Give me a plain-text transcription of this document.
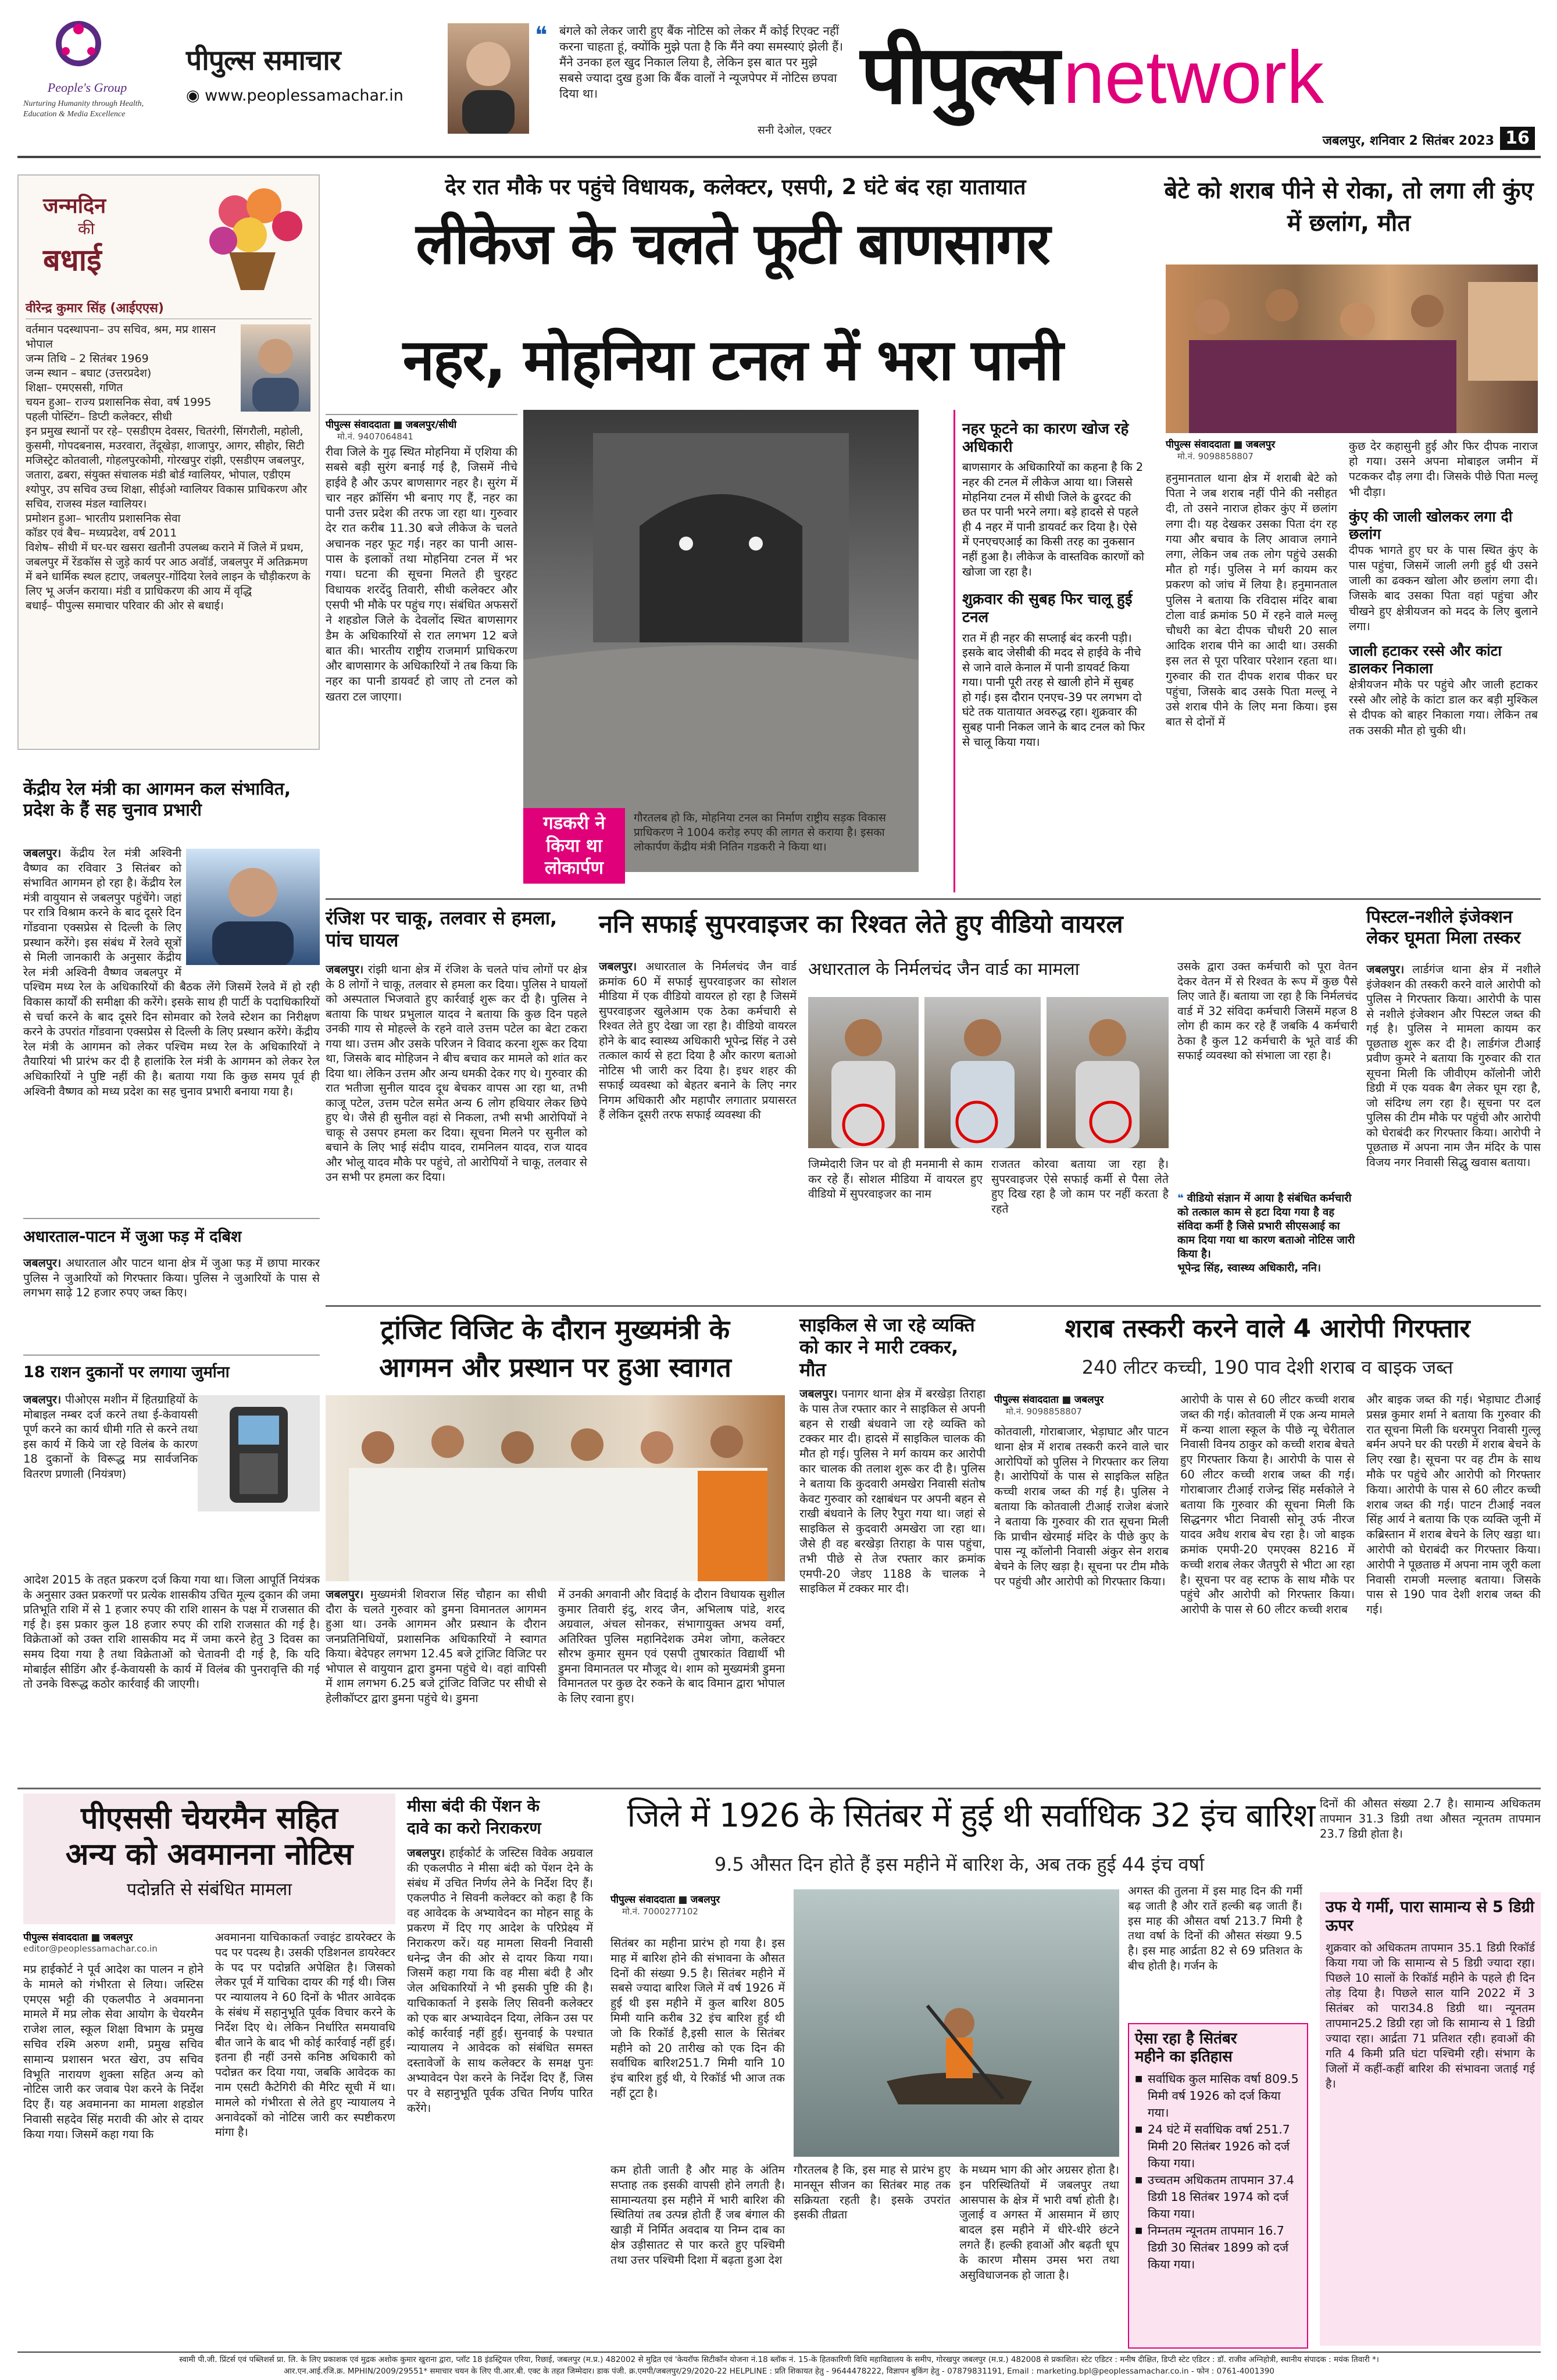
People's Group
Nurturing Humanity through Health, Education & Media Excellence
पीपुल्स समाचार
◉ www.peoplessamachar.in
❝ बंगले को लेकर जारी हुए बैंक नोटिस को लेकर मैं कोई रिएक्ट नहीं करना चाहता हूं, क्योंकि मुझे पता है कि मैंने क्या समस्याएं झेली हैं। मैंने उनका हल खुद निकाल लिया है, लेकिन इस बात पर मुझे सबसे ज्यादा दुख हुआ कि बैंक वालों ने न्यूजपेपर में नोटिस छपवा दिया था।
सनी देओल, एक्टर
पीपुल्सnetwork
जबलपुर, शनिवार 2 सितंबर 2023 16
जन्मदिन
की
बधाई
वीरेन्द्र कुमार सिंह (आईएएस)
वर्तमान पदस्थापना– उप सचिव, श्रम, मप्र शासन भोपाल
जन्म तिथि – 2 सितंबर 1969
जन्म स्थान – बघाट (उत्तरप्रदेश)
शिक्षा– एमएससी, गणित
चयन हुआ– राज्य प्रशासनिक सेवा, वर्ष 1995
पहली पोस्टिंग– डिप्टी कलेक्टर, सीधी
इन प्रमुख स्थानों पर रहे– एसडीएम देवसर, चितरंगी, सिंगरौली, महोली, कुसमी, गोपदबनास, मउरवारा, तेंदूखेड़ा, शाजापुर, आगर, सीहोर, सिटी मजिस्ट्रेट कोतवाली, गोहलपुरकोमी, गोरखपुर रांझी, एसडीएम जबलपुर, जतारा, ढबरा, संयुक्त संचालक मंडी बोर्ड ग्वालियर, भोपाल, एडीएम श्योपुर, उप सचिव उच्च शिक्षा, सीईओ ग्वालियर विकास प्राधिकरण और सचिव, राजस्व मंडल ग्वालियर।
प्रमोशन हुआ– भारतीय प्रशासनिक सेवा
कॉडर एवं बैच– मध्यप्रदेश, वर्ष 2011
विशेष– सीधी में घर-घर खसरा खतौनी उपलब्ध कराने में जिले में प्रथम, जबलपुर में रेंडकॉस से जुड़े कार्य पर आठ अवॉर्ड, जबलपुर में अतिक्रमण में बने धार्मिक स्थल हटाए, जबलपुर-गोंदिया रेलवे लाइन के चौड़ीकरण के लिए भू अर्जन कराया। मंडी व प्राधिकरण की आय में वृद्धि
बधाई– पीपुल्स समाचार परिवार की ओर से बधाई।
केंद्रीय रेल मंत्री का आगमन कल संभावित, प्रदेश के हैं सह चुनाव प्रभारी
जबलपुर। केंद्रीय रेल मंत्री अश्विनी वैष्णव का रविवार 3 सितंबर को संभावित आगमन हो रहा है। केंद्रीय रेल मंत्री वायुयान से जबलपुर पहुंचेंगे। जहां पर रात्रि विश्राम करने के बाद दूसरे दिन गोंडवाना एक्सप्रेस से दिल्ली के लिए प्रस्थान करेंगे। इस संबंध में रेलवे सूत्रों से मिली जानकारी के अनुसार केंद्रीय रेल मंत्री अश्विनी वैष्णव जबलपुर में पश्चिम मध्य रेल के अधिकारियों की बैठक लेंगे जिसमें रेलवे में हो रही विकास कार्यों की समीक्षा की करेंगे। इसके साथ ही पार्टी के पदाधिकारियों से चर्चा करने के बाद दूसरे दिन सोमवार को रेलवे स्टेशन का निरीक्षण करने के उपरांत गोंडवाना एक्सप्रेस से दिल्ली के लिए प्रस्थान करेंगे। केंद्रीय रेल मंत्री के आगमन को लेकर पश्चिम मध्य रेल के अधिकारियों ने तैयारियां भी प्रारंभ कर दी है हालांकि रेल मंत्री के आगमन को लेकर रेल अधिकारियों ने पुष्टि नहीं की है। बताया गया कि कुछ समय पूर्व ही अश्विनी वैष्णव को मध्य प्रदेश का सह चुनाव प्रभारी बनाया गया है।
अधारताल-पाटन में जुआ फड़ में दबिश
जबलपुर। अधारताल और पाटन थाना क्षेत्र में जुआ फड़ में छापा मारकर पुलिस ने जुआरियों को गिरफ्तार किया। पुलिस ने जुआरियों के पास से लगभग साढ़े 12 हजार रुपए जब्त किए।
18 राशन दुकानों पर लगाया जुर्माना
जबलपुर। पीओएस मशीन में हितग्राहियों के मोबाइल नम्बर दर्ज करने तथा ई-केवायसी पूर्ण करने का कार्य धीमी गति से करने तथा इस कार्य में किये जा रहे विलंब के कारण 18 दुकानों के विरूद्ध मप्र सार्वजनिक वितरण प्रणाली (नियंत्रण)
आदेश 2015 के तहत प्रकरण दर्ज किया गया था। जिला आपूर्ति नियंत्रक के अनुसार उक्त प्रकरणों पर प्रत्येक शासकीय उचित मूल्य दुकान की जमा प्रतिभूति राशि में से 1 हजार रुपए की राशि शासन के पक्ष में राजसात की गई है। इस प्रकार कुल 18 हजार रुपए की राशि राजसात की गई है। विक्रेताओं को उक्त राशि शासकीय मद में जमा करने हेतु 3 दिवस का समय दिया गया है तथा विक्रेताओं को चेतावनी दी गई है, कि यदि मोबाईल सीडिंग और ई-केवायसी के कार्य में विलंब की पुनरावृत्ति की गई तो उनके विरूद्ध कठोर कार्रवाई की जाएगी।
देर रात मौके पर पहुंचे विधायक, कलेक्टर, एसपी, 2 घंटे बंद रहा यातायात
लीकेज के चलते फूटी बाणसागर
नहर, मोहनिया टनल में भरा पानी
पीपुल्स संवाददाता ■ जबलपुर/सीधी
मो.नं. 9407064841
रीवा जिले के गुढ़ स्थित मोहनिया में एशिया की सबसे बड़ी सुरंग बनाई गई है, जिसमें नीचे हाईवे है और ऊपर बाणसागर नहर है। सुरंग में चार नहर क्रॉसिंग भी बनाए गए हैं, नहर का पानी उत्तर प्रदेश की तरफ जा रहा था। गुरुवार देर रात करीब 11.30 बजे लीकेज के चलते अचानक नहर फूट गई। नहर का पानी आस-पास के इलाकों तथा मोहनिया टनल में भर गया। घटना की सूचना मिलते ही चुरहट विधायक शरदेंदु तिवारी, सीधी कलेक्टर और एसपी भी मौके पर पहुंच गए। संबंधित अफसरों ने शहडोल जिले के देवलोंद स्थित बाणसागर डैम के अधिकारियों से रात लगभग 12 बजे बात की। भारतीय राष्ट्रीय राजमार्ग प्राधिकरण और बाणसागर के अधिकारियों ने तब किया कि नहर का पानी डायवर्ट हो जाए तो टनल को खतरा टल जाएगा।
गडकरी ने किया था लोकार्पण
गौरतलब हो कि, मोहनिया टनल का निर्माण राष्ट्रीय सड़क विकास प्राधिकरण ने 1004 करोड़ रुपए की लागत से कराया है। इसका लोकार्पण केंद्रीय मंत्री नितिन गडकरी ने किया था।
नहर फूटने का कारण खोज रहे अधिकारी
बाणसागर के अधिकारियों का कहना है कि 2 नहर की टनल में लीकेज आया था। जिससे मोहनिया टनल में सीधी जिले के ढुरदट की छत पर पानी भरने लगा। बड़े हादसे से पहले ही 4 नहर में पानी डायवर्ट कर दिया है। ऐसे में एनएचएआई का किसी तरह का नुकसान नहीं हुआ है। लीकेज के वास्तविक कारणों को खोजा जा रहा है।
शुक्रवार की सुबह फिर चालू हुई टनल
रात में ही नहर की सप्लाई बंद करनी पड़ी। इसके बाद जेसीबी की मदद से हाईवे के नीचे से जाने वाले केनाल में पानी डायवर्ट किया गया। पानी पूरी तरह से खाली होने में सुबह हो गई। इस दौरान एनएच-39 पर लगभग दो घंटे तक यातायात अवरुद्ध रहा। शुक्रवार की सुबह पानी निकल जाने के बाद टनल को फिर से चालू किया गया।
बेटे को शराब पीने से रोका, तो लगा ली कुंए में छलांग, मौत
पीपुल्स संवाददाता ■ जबलपुर
मो.नं. 9098858807
हनुमानताल थाना क्षेत्र में शराबी बेटे को पिता ने जब शराब नहीं पीने की नसीहत दी, तो उसने नाराज होकर कुंए में छलांग लगा दी। यह देखकर उसका पिता दंग रह गया और बचाव के लिए आवाज लगाने लगा, लेकिन जब तक लोग पहुंचे उसकी मौत हो गई। पुलिस ने मर्ग कायम कर प्रकरण को जांच में लिया है। हनुमानताल पुलिस ने बताया कि रविदास मंदिर बाबा टोला वार्ड क्रमांक 50 में रहने वाले मल्लू चौधरी का बेटा दीपक चौधरी 20 साल आदिक शराब पीने का आदी था। उसकी इस लत से पूरा परिवार परेशान रहता था। गुरुवार की रात दीपक शराब पीकर घर पहुंचा, जिसके बाद उसके पिता मल्लू ने उसे शराब पीने के लिए मना किया। इस बात से दोनों में
कुछ देर कहासुनी हुई और फिर दीपक नाराज हो गया। उसने अपना मोबाइल जमीन में पटककर दौड़ लगा दी। जिसके पीछे पिता मल्लू भी दौड़ा।
कुंए की जाली खोलकर लगा दी छलांग
दीपक भागते हुए घर के पास स्थित कुंए के पास पहुंचा, जिसमें जाली लगी हुई थी उसने जाली का ढक्कन खोला और छलांग लगा दी। जिसके बाद उसका पिता वहां पहुंचा और चीखने हुए क्षेत्रीयजन को मदद के लिए बुलाने लगा।
जाली हटाकर रस्से और कांटा डालकर निकाला
क्षेत्रीयजन मौके पर पहुंचे और जाली हटाकर रस्से और लोहे के कांटा डाल कर बड़ी मुश्किल से दीपक को बाहर निकाला गया। लेकिन तब तक उसकी मौत हो चुकी थी।
रंजिश पर चाकू, तलवार से हमला, पांच घायल
जबलपुर। रांझी थाना क्षेत्र में रंजिश के चलते पांच लोगों पर क्षेत्र के 8 लोगों ने चाकू, तलवार से हमला कर दिया। पुलिस ने घायलों को अस्पताल भिजवाते हुए कार्रवाई शुरू कर दी है। पुलिस ने बताया कि पाथर प्रभुलाल यादव ने बताया कि कुछ दिन पहले उनकी गाय से मोहल्ले के रहने वाले उत्तम पटेल का बेटा टकरा गया था। उत्तम और उसके परिजन ने विवाद करना शुरू कर दिया था, जिसके बाद मोहिजन ने बीच बचाव कर मामले को शांत कर दिया था। लेकिन उत्तम और अन्य धमकी देकर गए थे। गुरुवार की रात भतीजा सुनील यादव दूध बेचकर वापस आ रहा था, तभी काजू पटेल, उत्तम पटेल समेत अन्य 6 लोग हथियार लेकर छिपे हुए थे। जैसे ही सुनील वहां से निकला, तभी सभी आरोपियों ने चाकू से उसपर हमला कर दिया। सूचना मिलने पर सुनील को बचाने के लिए भाई संदीप यादव, रामनिलन यादव, राज यादव और भोलू यादव मौके पर पहुंचे, तो आरोपियों ने चाकू, तलवार से उन सभी पर हमला कर दिया।
ननि सफाई सुपरवाइजर का रिश्वत लेते हुए वीडियो वायरल
जबलपुर। अधारताल के निर्मलचंद जैन वार्ड क्रमांक 60 में सफाई सुपरवाइजर का सोशल मीडिया में एक वीडियो वायरल हो रहा है जिसमें सुपरवाइजर खुलेआम एक ठेका कर्मचारी से रिश्वत लेते हुए देखा जा रहा है। वीडियो वायरल होने के बाद स्वास्थ्य अधिकारी भूपेन्द्र सिंह ने उसे तत्काल कार्य से हटा दिया है और कारण बताओ नोटिस भी जारी कर दिया है। इधर शहर की सफाई व्यवस्था को बेहतर बनाने के लिए नगर निगम अधिकारी और महापौर लगातार प्रयासरत हैं लेकिन दूसरी तरफ सफाई व्यवस्था की
अधारताल के निर्मलचंद जैन वार्ड का मामला
जिम्मेदारी जिन पर वो ही मनमानी से काम कर रहे हैं। सोशल मीडिया में वायरल हुए वीडियो में सुपरवाइजर का नाम
राजतत कोरवा बताया जा रहा है। सुपरवाइजर ऐसे सफाई कर्मी से पैसा लेते हुए दिख रहा है जो काम पर नहीं करता है रहते
उसके द्वारा उक्त कर्मचारी को पूरा वेतन देकर वेतन में से रिश्वत के रूप में कुछ पैसे लिए जाते हैं। बताया जा रहा है कि निर्मलचंद वार्ड में 32 संविदा कर्मचारी जिसमें महज 8 लोग ही काम कर रहे हैं जबकि 4 कर्मचारी ठेका है कुल 12 कर्मचारी के भूते वार्ड की सफाई व्यवस्था को संभाला जा रहा है।
❝ वीडियो संज्ञान में आया है संबंधित कर्मचारी को तत्काल काम से हटा दिया गया है वह संविदा कर्मी है जिसे प्रभारी सीएसआई का काम दिया गया था कारण बताओ नोटिस जारी किया है।
भूपेन्द्र सिंह, स्वास्थ्य अधिकारी, ननि।
पिस्टल-नशीले इंजेक्शन लेकर घूमता मिला तस्कर
जबलपुर। लार्डगंज थाना क्षेत्र में नशीले इंजेक्शन की तस्करी करने वाले आरोपी को पुलिस ने गिरफ्तार किया। आरोपी के पास से नशीले इंजेक्शन और पिस्टल जब्त की गई है। पुलिस ने मामला कायम कर पूछताछ शुरू कर दी है। लार्डगंज टीआई प्रवीण कुमरे ने बताया कि गुरुवार की रात सूचना मिली कि जीवीएम कॉलोनी जोरी डिग्री में एक यवक बैग लेकर घूम रहा है, जो संदिग्ध लग रहा है। सूचना पर दल पुलिस की टीम मौके पर पहुंची और आरोपी को घेराबंदी कर गिरफ्तार किया। आरोपी ने पूछताछ में अपना नाम जैन मंदिर के पास विजय नगर निवासी सिद्धु खवास बताया।
ट्रांजिट विजिट के दौरान मुख्यमंत्री के
आगमन और प्रस्थान पर हुआ स्वागत
जबलपुर। मुख्यमंत्री शिवराज सिंह चौहान का सीधी दौरा के चलते गुरुवार को डुमना विमानतल आगमन हुआ था। उनके आगमन और प्रस्थान के दौरान जनप्रतिनिधियों, प्रशासनिक अधिकारियों ने स्वागत किया। बेदेपहर लगभग 12.45 बजे ट्रांजिट विजिट पर भोपाल से वायुयान द्वारा डुमना पहुंचे थे। वहां वापिसी में शाम लगभग 6.25 बजे ट्रांजिट विजिट पर सीधी से हेलीकॉप्टर द्वारा डुमना पहुंचे थे। डुमना
में उनकी अगवानी और विदाई के दौरान विधायक सुशील कुमार तिवारी इंदु, शरद जैन, अभिलाष पांडे, शरद अग्रवाल, अंचल सोनकर, संभागायुक्त अभय वर्मा, अतिरिक्त पुलिस महानिदेशक उमेश जोगा, कलेक्टर सौरभ कुमार सुमन एवं एसपी तुषारकांत विद्यार्थी भी डुमना विमानतल पर मौजूद थे। शाम को मुख्यमंत्री डुमना विमानतल पर कुछ देर रुकने के बाद विमान द्वारा भोपाल के लिए रवाना हुए।
साइकिल से जा रहे व्यक्ति को कार ने मारी टक्कर, मौत
जबलपुर। पनागर थाना क्षेत्र में बरखेड़ा तिराहा के पास तेज रफ्तार कार ने साइकिल से अपनी बहन से राखी बंधवाने जा रहे व्यक्ति को टक्कर मार दी। हादसे में साइकिल चालक की मौत हो गई। पुलिस ने मर्ग कायम कर आरोपी कार चालक की तलाश शुरू कर दी है। पुलिस ने बताया कि कुदवारी अमखेरा निवासी संतोष केवट गुरुवार को रक्षाबंधन पर अपनी बहन से राखी बंधवाने के लिए रैपुरा गया था। जहां से साइकिल से कुदवारी अमखेरा जा रहा था। जैसे ही वह बरखेड़ा तिराहा के पास पहुंचा, तभी पीछे से तेज रफ्तार कार क्रमांक एमपी-20 जेडए 1188 के चालक ने साइकिल में टक्कर मार दी।
शराब तस्करी करने वाले 4 आरोपी गिरफ्तार
240 लीटर कच्ची, 190 पाव देशी शराब व बाइक जब्त
पीपुल्स संवाददाता ■ जबलपुर
मो.नं. 9098858807
कोतवाली, गोराबाजार, भेड़ाघाट और पाटन थाना क्षेत्र में शराब तस्करी करने वाले चार आरोपियों को पुलिस ने गिरफ्तार कर लिया है। आरोपियों के पास से साइकिल सहित कच्ची शराब जब्त की गई है। पुलिस ने बताया कि कोतवाली टीआई राजेश बंजारे ने बताया कि गुरुवार की रात सूचना मिली कि प्राचीन खेरमाई मंदिर के पीछे कुए के पास न्यू कॉलोनी निवासी अंकुर सेन शराब बेचने के लिए खड़ा है। सूचना पर टीम मौके पर पहुंची और आरोपी को गिरफ्तार किया।
आरोपी के पास से 60 लीटर कच्ची शराब जब्त की गई। कोतवाली में एक अन्य मामले में कन्या शाला स्कूल के पीछे न्यू चेरीताल निवासी विनय ठाकुर को कच्ची शराब बेचते हुए गिरफ्तार किया है। आरोपी के पास से 60 लीटर कच्ची शराब जब्त की गई। गोराबाजार टीआई राजेन्द्र सिंह मर्सकोले ने बताया कि गुरुवार की सूचना मिली कि सिद्धनगर भीटा निवासी सोनू उर्फ नीरज यादव अवैध शराब बेच रहा है। जो बाइक क्रमांक एमपी-20 एमएक्स 8216 में कच्ची शराब लेकर जैतपुरी से भीटा आ रहा है। सूचना पर वह स्टाफ के साथ मौके पर पहुंचे और आरोपी को गिरफ्तार किया। आरोपी के पास से 60 लीटर कच्ची शराब
और बाइक जब्त की गई। भेड़ाघाट टीआई प्रसन्न कुमार शर्मा ने बताया कि गुरुवार की रात सूचना मिली कि धरमपुरा निवासी गुल्लू बर्मन अपने घर की परछी में शराब बेचने के लिए रखा है। सूचना पर वह टीम के साथ मौके पर पहुंचे और आरोपी को गिरफ्तार किया। आरोपी के पास से 60 लीटर कच्ची शराब जब्त की गई। पाटन टीआई नवल सिंह आर्य ने बताया कि एक व्यक्ति जूनी में कब्रिस्तान में शराब बेचने के लिए खड़ा था। आरोपी को घेराबंदी कर गिरफ्तार किया। आरोपी ने पूछताछ में अपना नाम जूरी कला निवासी रामजी मल्लाह बताया। जिसके पास से 190 पाव देशी शराब जब्त की गई।
पीएससी चेयरमैन सहित
अन्य को अवमानना नोटिस
पदोन्नति से संबंधित मामला
पीपुल्स संवाददाता ■ जबलपुर
editor@peoplessamachar.co.in
मप्र हाईकोर्ट ने पूर्व आदेश का पालन न होने के मामले को गंभीरता से लिया। जस्टिस एमएस भट्टी की एकलपीठ ने अवमानना मामले में मप्र लोक सेवा आयोग के चेयरमैन राजेश लाल, स्कूल शिक्षा विभाग के प्रमुख सचिव रश्मि अरुण शमी, प्रमुख सचिव सामान्य प्रशासन भरत खेरा, उप सचिव विभूति नारायण शुक्ला सहित अन्य को नोटिस जारी कर जवाब पेश करने के निर्देश दिए हैं। यह अवमानना का मामला शहडोल निवासी सहदेव सिंह मरावी की ओर से दायर किया गया। जिसमें कहा गया कि
अवमानना याचिकाकर्ता ज्वाइंट डायरेक्टर के पद पर पदस्थ है। उसकी एडिशनल डायरेक्टर के पद पर पदोन्नति अपेक्षित है। जिसको लेकर पूर्व में याचिका दायर की गई थी। जिस पर न्यायालय ने 60 दिनों के भीतर आवेदक के संबंध में सहानुभूति पूर्वक विचार करने के निर्देश दिए थे। लेकिन निर्धारित समयावधि बीत जाने के बाद भी कोई कार्रवाई नहीं हुई। इतना ही नहीं उनसे कनिष्ठ अधिकारी को पदोन्नत कर दिया गया, जबकि आवेदक का नाम एसटी कैटेगिरी की मैरिट सूची में था। मामले को गंभीरता से लेते हुए न्यायालय ने अनावेदकों को नोटिस जारी कर स्पष्टीकरण मांगा है।
मीसा बंदी की पेंशन के
दावे का करो निराकरण
जबलपुर। हाईकोर्ट के जस्टिस विवेक अग्रवाल की एकलपीठ ने मीसा बंदी को पेंशन देने के संबंध में उचित निर्णय लेने के निर्देश दिए हैं। एकलपीठ ने सिवनी कलेक्टर को कहा है कि वह आवेदक के अभ्यावेदन का मोहन साहू के प्रकरण में दिए गए आदेश के परिप्रेक्ष्य में निराकरण करें। यह मामला सिवनी निवासी धनेन्द्र जैन की ओर से दायर किया गया। जिसमें कहा गया कि वह मीसा बंदी है और जेल अधिकारियों ने भी इसकी पुष्टि की है। याचिकाकर्ता ने इसके लिए सिवनी कलेक्टर को एक बार अभ्यावेदन दिया, लेकिन उस पर कोई कार्रवाई नहीं हुई। सुनवाई के पश्चात न्यायालय ने आवेदक को संबंधित समस्त दस्तावेजों के साथ कलेक्टर के समक्ष पुनः अभ्यावेदन पेश करने के निर्देश दिए हैं, जिस पर वे सहानुभूति पूर्वक उचित निर्णय पारित करेंगे।
जिले में 1926 के सितंबर में हुई थी सर्वाधिक 32 इंच बारिश
9.5 औसत दिन होते हैं इस महीने में बारिश के, अब तक हुई 44 इंच वर्षा
पीपुल्स संवाददाता ■ जबलपुर
मो.नं. 7000277102
सितंबर का महीना प्रारंभ हो गया है। इस माह में बारिश होने की संभावना के औसत दिनों की संख्या 9.5 है। सितंबर महीने में सबसे ज्यादा बारिश जिले में वर्ष 1926 में हुई थी इस महीने में कुल बारिश 805 मिमी यानि करीब 32 इंच बारिश हुई थी जो कि रिकॉर्ड है,इसी साल के सितंबर महीने को 20 तारीख को एक दिन की सर्वाधिक बारिश251.7 मिमी यानि 10 इंच बारिश हुई थी, ये रिकॉर्ड भी आज तक नहीं टूटा है।
कम होती जाती है और माह के अंतिम सप्ताह तक इसकी वापसी होने लगती है। सामान्यतया इस महीने में भारी बारिश की स्थितियां तब उत्पन्न होती हैं जब बंगाल की खाड़ी में निर्मित अवदाब या निम्न दाब का क्षेत्र उड़ीसातट से पार करते हुए पश्चिमी तथा उत्तर पश्चिमी दिशा में बढ़ता हुआ देश
गौरतलब है कि, इस माह से प्रारंभ हुए मानसून सीजन का सितंबर माह तक सक्रियता रहती है। इसके उपरांत इसकी तीव्रता
के मध्यम भाग की ओर अग्रसर होता है। इन परिस्थितियों में जबलपुर तथा आसपास के क्षेत्र में भारी वर्षा होती है। जुलाई व अगस्त में आसमान में छाए बादल इस महीने में धीरे-धीरे छंटने लगते हैं। हल्की हवाओं और बढ़ती धूप के कारण मौसम उमस भरा तथा असुविधाजनक हो जाता है।
अगस्त की तुलना में इस माह दिन की गर्मी बढ़ जाती है और रातें हल्की बढ़ जाती हैं। इस माह की औसत वर्षा 213.7 मिमी है तथा वर्षा के दिनों की औसत संख्या 9.5 है। इस माह आर्द्रता 82 से 69 प्रतिशत के बीच होती है। गर्जन के
ऐसा रहा है सितंबर
महीने का इतिहास
■ सर्वाधिक कुल मासिक वर्षा 809.5 मिमी वर्ष 1926 को दर्ज किया गया।
■ 24 घंटे में सर्वाधिक वर्षा 251.7 मिमी 20 सितंबर 1926 को दर्ज किया गया।
■ उच्चतम अधिकतम तापमान 37.4 डिग्री 18 सितंबर 1974 को दर्ज किया गया।
■ निम्नतम न्यूनतम तापमान 16.7 डिग्री 30 सितंबर 1899 को दर्ज किया गया।
दिनों की औसत संख्या 2.7 है। सामान्य अधिकतम तापमान 31.3 डिग्री तथा औसत न्यूनतम तापमान 23.7 डिग्री होता है।
उफ ये गर्मी, पारा सामान्य से 5 डिग्री ऊपर
शुक्रवार को अधिकतम तापमान 35.1 डिग्री रिकॉर्ड किया गया जो कि सामान्य से 5 डिग्री ज्यादा रहा। पिछले 10 सालों के रिकॉर्ड महीने के पहले ही दिन तोड़ दिया है। पिछले साल यानि 2022 में 3 सितंबर को पारा34.8 डिग्री था। न्यूनतम तापमान25.2 डिग्री रहा जो कि सामान्य से 1 डिग्री ज्यादा रहा। आर्द्रता 71 प्रतिशत रही। हवाओं की गति 4 किमी प्रति घंटा पश्चिमी रही। संभाग के जिलों में कहीं-कहीं बारिश की संभावना जताई गई है।
स्वामी पी.जी. प्रिंटर्स एवं पब्लिशर्स प्रा. लि. के लिए प्रकाशक एवं मुद्रक अशोक कुमार खुराना द्वारा, प्लॉट 18 इंडस्ट्रियल एरिया, रिछाई, जबलपुर (म.प्र.) 482002 से मुद्रित एवं 'केयरॉफ सिटीकॉन योजना नं.18 ब्लॉक नं. 15-के हितकारिणी विधि महाविद्यालय के समीप, गोरखपुर जबलपुर (म.प्र.) 482008 से प्रकाशित। स्टेट एडिटर : मनीष दीक्षित, डिप्टी स्टेट एडिटर : डॉ. राजीव अग्निहोत्री, स्थानीय संपादक : मयंक तिवारी *।
आर.एन.आई.रजि.क्र. MPHIN/2009/29551* समाचार चयन के लिए पी.आर.बी. एक्ट के तहत जिम्मेदार। डाक पंजी. क्र.एमपी/जबलपुर/29/2020-22 HELPLINE : प्रति शिकायत हेतु - 9644478222, विज्ञापन बुकिंग हेतु - 07879831191, Email : marketing.bpl@peoplessamachar.co.in - फोन : 0761-4001390
